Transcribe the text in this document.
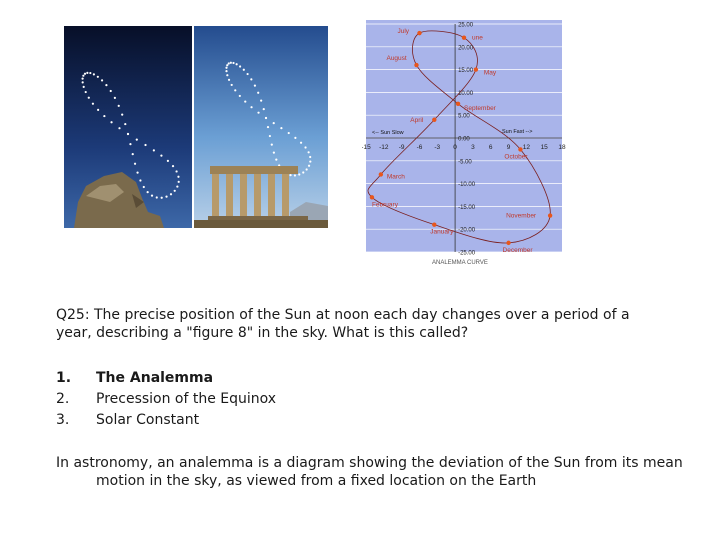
25.00
20.00
15.00
10.00
5.00
0.00
-5.00
-10.00
-15.00
-20.00
-25.00
-15 -12 -9 -6 -3 0 3 6 9 12 15 18
July
une
August
May
September
April
October
March
November
February
January
December
<-- Sun Slow	Sun Fast -->
ANALEMMA CURVE

Q25: The precise position of the Sun at noon each day changes over a period of a year, describing a "figure 8" in the sky. What is this called?

1.	The Analemma
2.	Precession of the Equinox
3.	Solar Constant

In astronomy, an analemma is a diagram showing the deviation of the Sun from its mean motion in the sky, as viewed from a fixed location on the Earth
